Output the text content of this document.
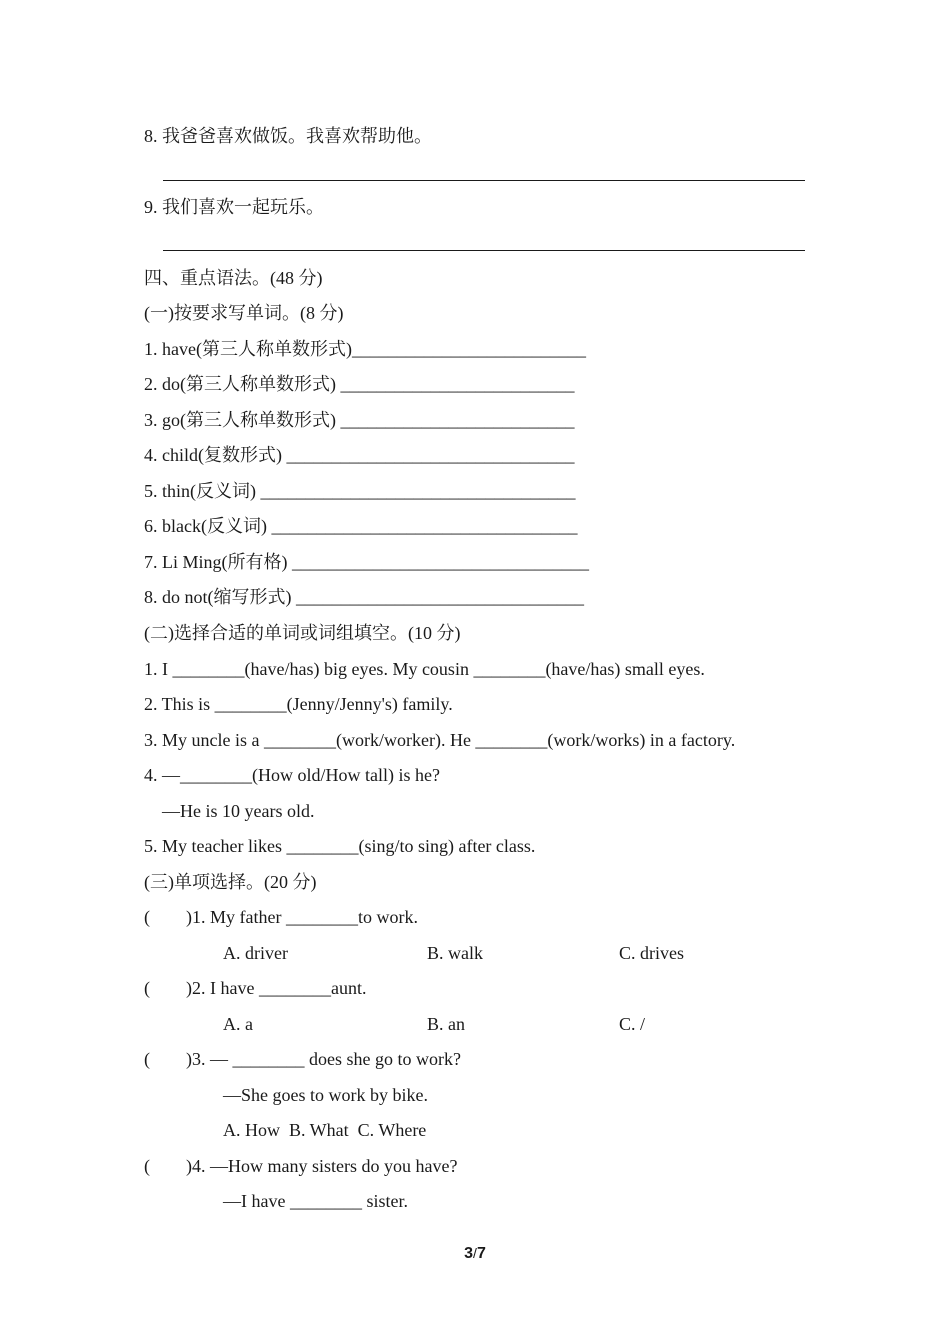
8. 我爸爸喜欢做饭。我喜欢帮助他。
9. 我们喜欢一起玩乐。
四、重点语法。(48 分)
(一)按要求写单词。(8 分)
1. have(第三人称单数形式)__________________________
2. do(第三人称单数形式) __________________________
3. go(第三人称单数形式) __________________________
4. child(复数形式) ________________________________
5. thin(反义词) ___________________________________
6. black(反义词) __________________________________
7. Li Ming(所有格) _________________________________
8. do not(缩写形式) ________________________________
(二)选择合适的单词或词组填空。(10 分)
1. I ________(have/has) big eyes. My cousin ________(have/has) small eyes.
2. This is ________(Jenny/Jenny's) family.
3. My uncle is a ________(work/worker). He ________(work/works) in a factory.
4. —________(How old/How tall) is he?
—He is 10 years old.
5. My teacher likes ________(sing/to sing) after class.
(三)单项选择。(20 分)
(        )1. My father ________to work.
A. driver	B. walk	C. drives
(        )2. I have ________aunt.
A. a	B. an	C. /
(        )3. — ________ does she go to work?
—She goes to work by bike.
A. How  B. What  C. Where
(        )4. —How many sisters do you have?
—I have ________ sister.
3/7
